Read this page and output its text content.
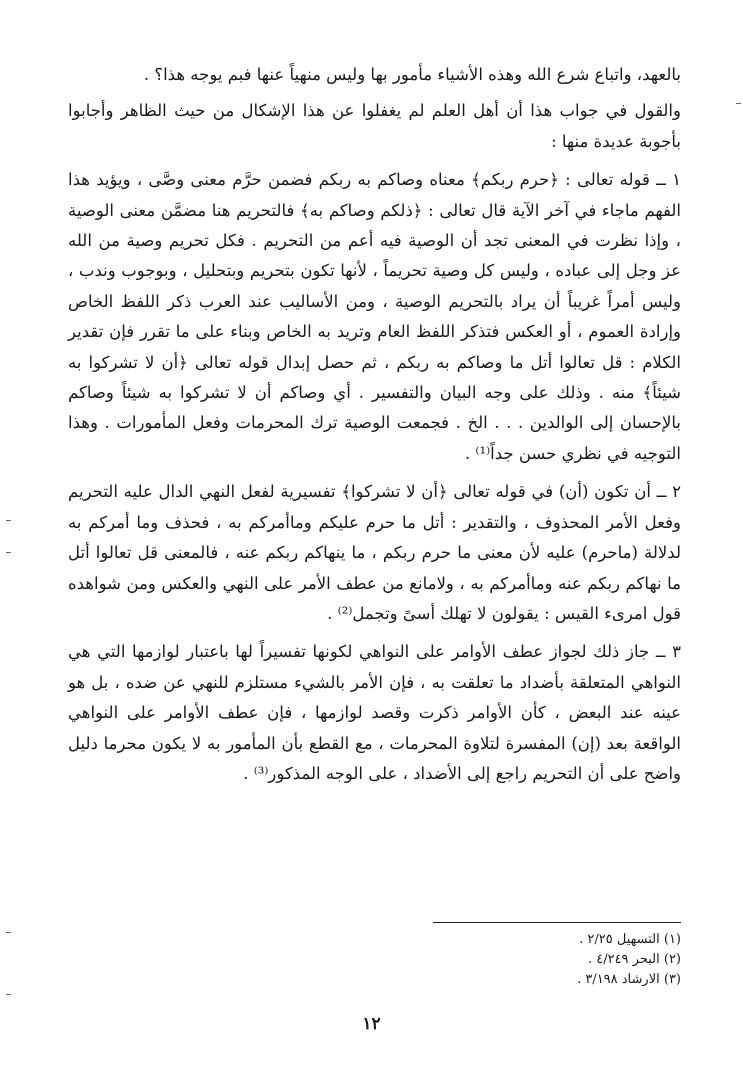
بالعهد، واتباع شرع الله وهذه الأشياء مأمور بها وليس منهياً عنها فبم يوجه هذا؟ .

والقول في جواب هذا أن أهل العلم لم يغفلوا عن هذا الإشكال من حيث الظاهر وأجابوا بأجوبة عديدة منها :

١ ــ قوله تعالى : ﴿حرم ربكم﴾ معناه وصاكم به ربكم فضمن حرَّم معنى وصَّى ، ويؤيد هذا الفهم ماجاء في آخر الآية قال تعالى : ﴿ذلكم وصاكم به﴾ فالتحريم هنا مضمَّن معنى الوصية ، وإذا نظرت في المعنى تجد أن الوصية فيه أعم من التحريم . فكل تحريم وصية من الله عز وجل إلى عباده ، وليس كل وصية تحريماً ، لأنها تكون بتحريم وبتحليل ، وبوجوب وندب ، وليس أمراً غريباً أن يراد بالتحريم الوصية ، ومن الأساليب عند العرب ذكر اللفظ الخاص وإرادة العموم ، أو العكس فتذكر اللفظ العام وتريد به الخاص وبناء على ما تقرر فإن تقدير الكلام : قل تعالوا أتل ما وصاكم به ربكم ، ثم حصل إبدال قوله تعالى ﴿أن لا تشركوا به شيئاً﴾ منه . وذلك على وجه البيان والتفسير . أي وصاكم أن لا تشركوا به شيئاً وصاكم بالإحسان إلى الوالدين . . . الخ . فجمعت الوصية ترك المحرمات وفعل المأمورات . وهذا التوجيه في نظري حسن جداً⁽¹⁾ .

٢ ــ أن تكون (أن) في قوله تعالى ﴿أن لا تشركوا﴾ تفسيرية لفعل النهي الدال عليه التحريم وفعل الأمر المحذوف ، والتقدير : أتل ما حرم عليكم وماأمركم به ، فحذف وما أمركم به لدلالة (ماحرم) عليه لأن معنى ما حرم ربكم ، ما ينهاكم ربكم عنه ، فالمعنى قل تعالوا أتل ما نهاكم ربكم عنه وماأمركم به ، ولامانع من عطف الأمر على النهي والعكس ومن شواهده قول امرىء القيس : يقولون لا تهلك أسىً وتجمل⁽²⁾ .

٣ ــ جاز ذلك لجواز عطف الأوامر على النواهي لكونها تفسيراً لها باعتبار لوازمها التي هي النواهي المتعلقة بأضداد ما تعلقت به ، فإن الأمر بالشيء مستلزم للنهي عن ضده ، بل هو عينه عند البعض ، كأن الأوامر ذكرت وقصد لوازمها ، فإن عطف الأوامر على النواهي الواقعة بعد (إن) المفسرة لتلاوة المحرمات ، مع القطع بأن المأمور به لا يكون محرما دليل واضح على أن التحريم راجع إلى الأضداد ، على الوجه المذكور⁽³⁾ .

(١) التسهيل ٢/٢٥ .
(٢) البحر ٤/٢٤٩ .
(٣) الارشاد ٣/١٩٨ .
١٢
